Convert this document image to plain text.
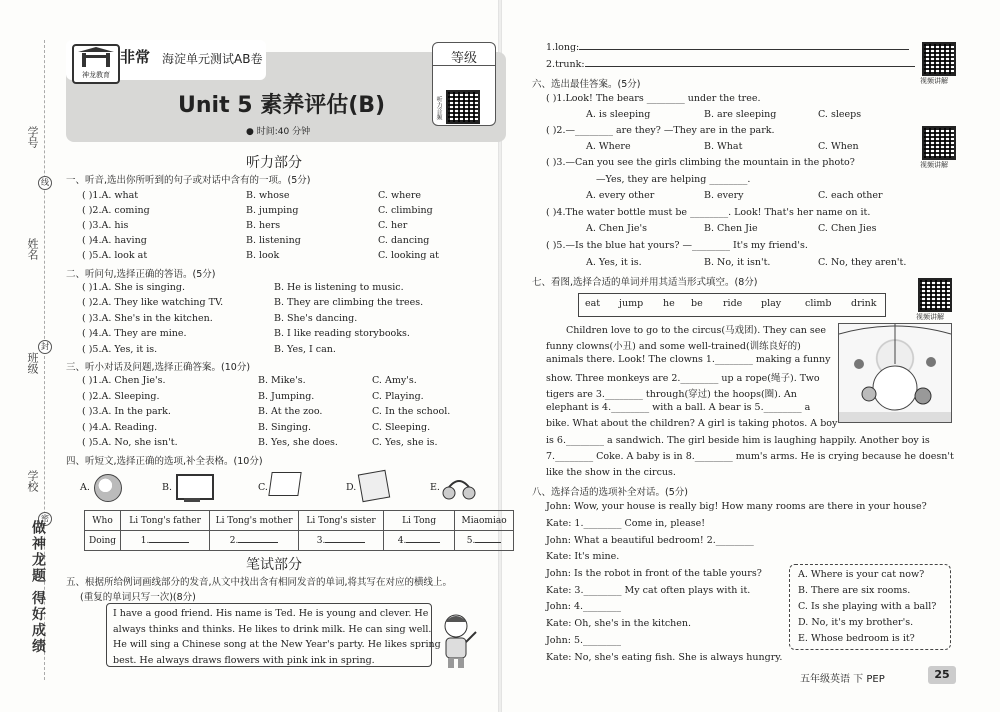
学号
姓名
班级
学校
线
封
密
做神龙题 得好成绩
神龙教育
非常 海淀单元测试AB卷	等级
听力音频
Unit 5 素养评估(B)
● 时间:40 分钟
听力部分
一、听音,选出你所听到的句子或对话中含有的一项。(5分)
( )1.A. what	B. whose	C. where
( )2.A. coming	B. jumping	C. climbing
( )3.A. his	B. hers	C. her
( )4.A. having	B. listening	C. dancing
( )5.A. look at	B. look	C. looking at
二、听问句,选择正确的答语。(5分)
( )1.A. She is singing.	B. He is listening to music.
( )2.A. They like watching TV.	B. They are climbing the trees.
( )3.A. She's in the kitchen.	B. She's dancing.
( )4.A. They are mine.	B. I like reading storybooks.
( )5.A. Yes, it is.	B. Yes, I can.
三、听小对话及问题,选择正确答案。(10分)
( )1.A. Chen Jie's.	B. Mike's.	C. Amy's.
( )2.A. Sleeping.	B. Jumping.	C. Playing.
( )3.A. In the park.	B. At the zoo.	C. In the school.
( )4.A. Reading.	B. Singing.	C. Sleeping.
( )5.A. No, she isn't.	B. Yes, she does.	C. Yes, she is.
四、听短文,选择正确的选项,补全表格。(10分)
A.	B.	C.	D.	E.
Who	Li Tong's father	Li Tong's mother	Li Tong's sister	Li Tong	Miaomiao
Doing	1.	2.	3.	4.	5.
笔试部分
五、根据所给例词画线部分的发音,从文中找出含有相同发音的单词,将其写在对应的横线上。
(重复的单词只写一次)(8分)
I have a good friend. His name is Ted. He is young and clever. He
always thinks and thinks. He likes to drink milk. He can sing well.
He will sing a Chinese song at the New Year's party. He likes spring
best. He always draws flowers with pink ink in spring.
1.long:
2.trunk:
视频讲解
六、选出最佳答案。(5分)
( )1.Look! The bears ________ under the tree.
A. is sleeping	B. are sleeping	C. sleeps
( )2.—________ are they? —They are in the park.
A. Where	B. What	C. When
( )3.—Can you see the girls climbing the mountain in the photo?
—Yes, they are helping ________.
A. every other	B. every	C. each other
( )4.The water bottle must be ________. Look! That's her name on it.
A. Chen Jie's	B. Chen Jie	C. Chen Jies
( )5.—Is the blue hat yours? —________ It's my friend's.
A. Yes, it is.	B. No, it isn't.	C. No, they aren't.
视频讲解
七、看图,选择合适的单词并用其适当形式填空。(8分)
视频讲解
eat jump he be ride play	climb drink
Children love to go to the circus(马戏团). They can see
funny clowns(小丑) and some well-trained(训练良好的)
animals there. Look! The clowns 1.________ making a funny
show. Three monkeys are 2.________ up a rope(绳子). Two
tigers are 3.________ through(穿过) the hoops(圈). An
elephant is 4.________ with a ball. A bear is 5.________ a
bike. What about the children? A girl is taking photos. A boy
is 6.________ a sandwich. The girl beside him is laughing happily. Another boy is
7.________ Coke. A baby is in 8.________ mum's arms. He is crying because he doesn't
like the show in the circus.
八、选择合适的选项补全对话。(5分)
John: Wow, your house is really big! How many rooms are there in your house?
Kate: 1.________ Come in, please!
John: What a beautiful bedroom! 2.________
Kate: It's mine.
John: Is the robot in front of the table yours?
Kate: 3.________ My cat often plays with it.
John: 4.________
Kate: Oh, she's in the kitchen.
John: 5.________
Kate: No, she's eating fish. She is always hungry.
A. Where is your cat now?
B. There are six rooms.
C. Is she playing with a ball?
D. No, it's my brother's.
E. Whose bedroom is it?
五年级英语 下 PEP	25
